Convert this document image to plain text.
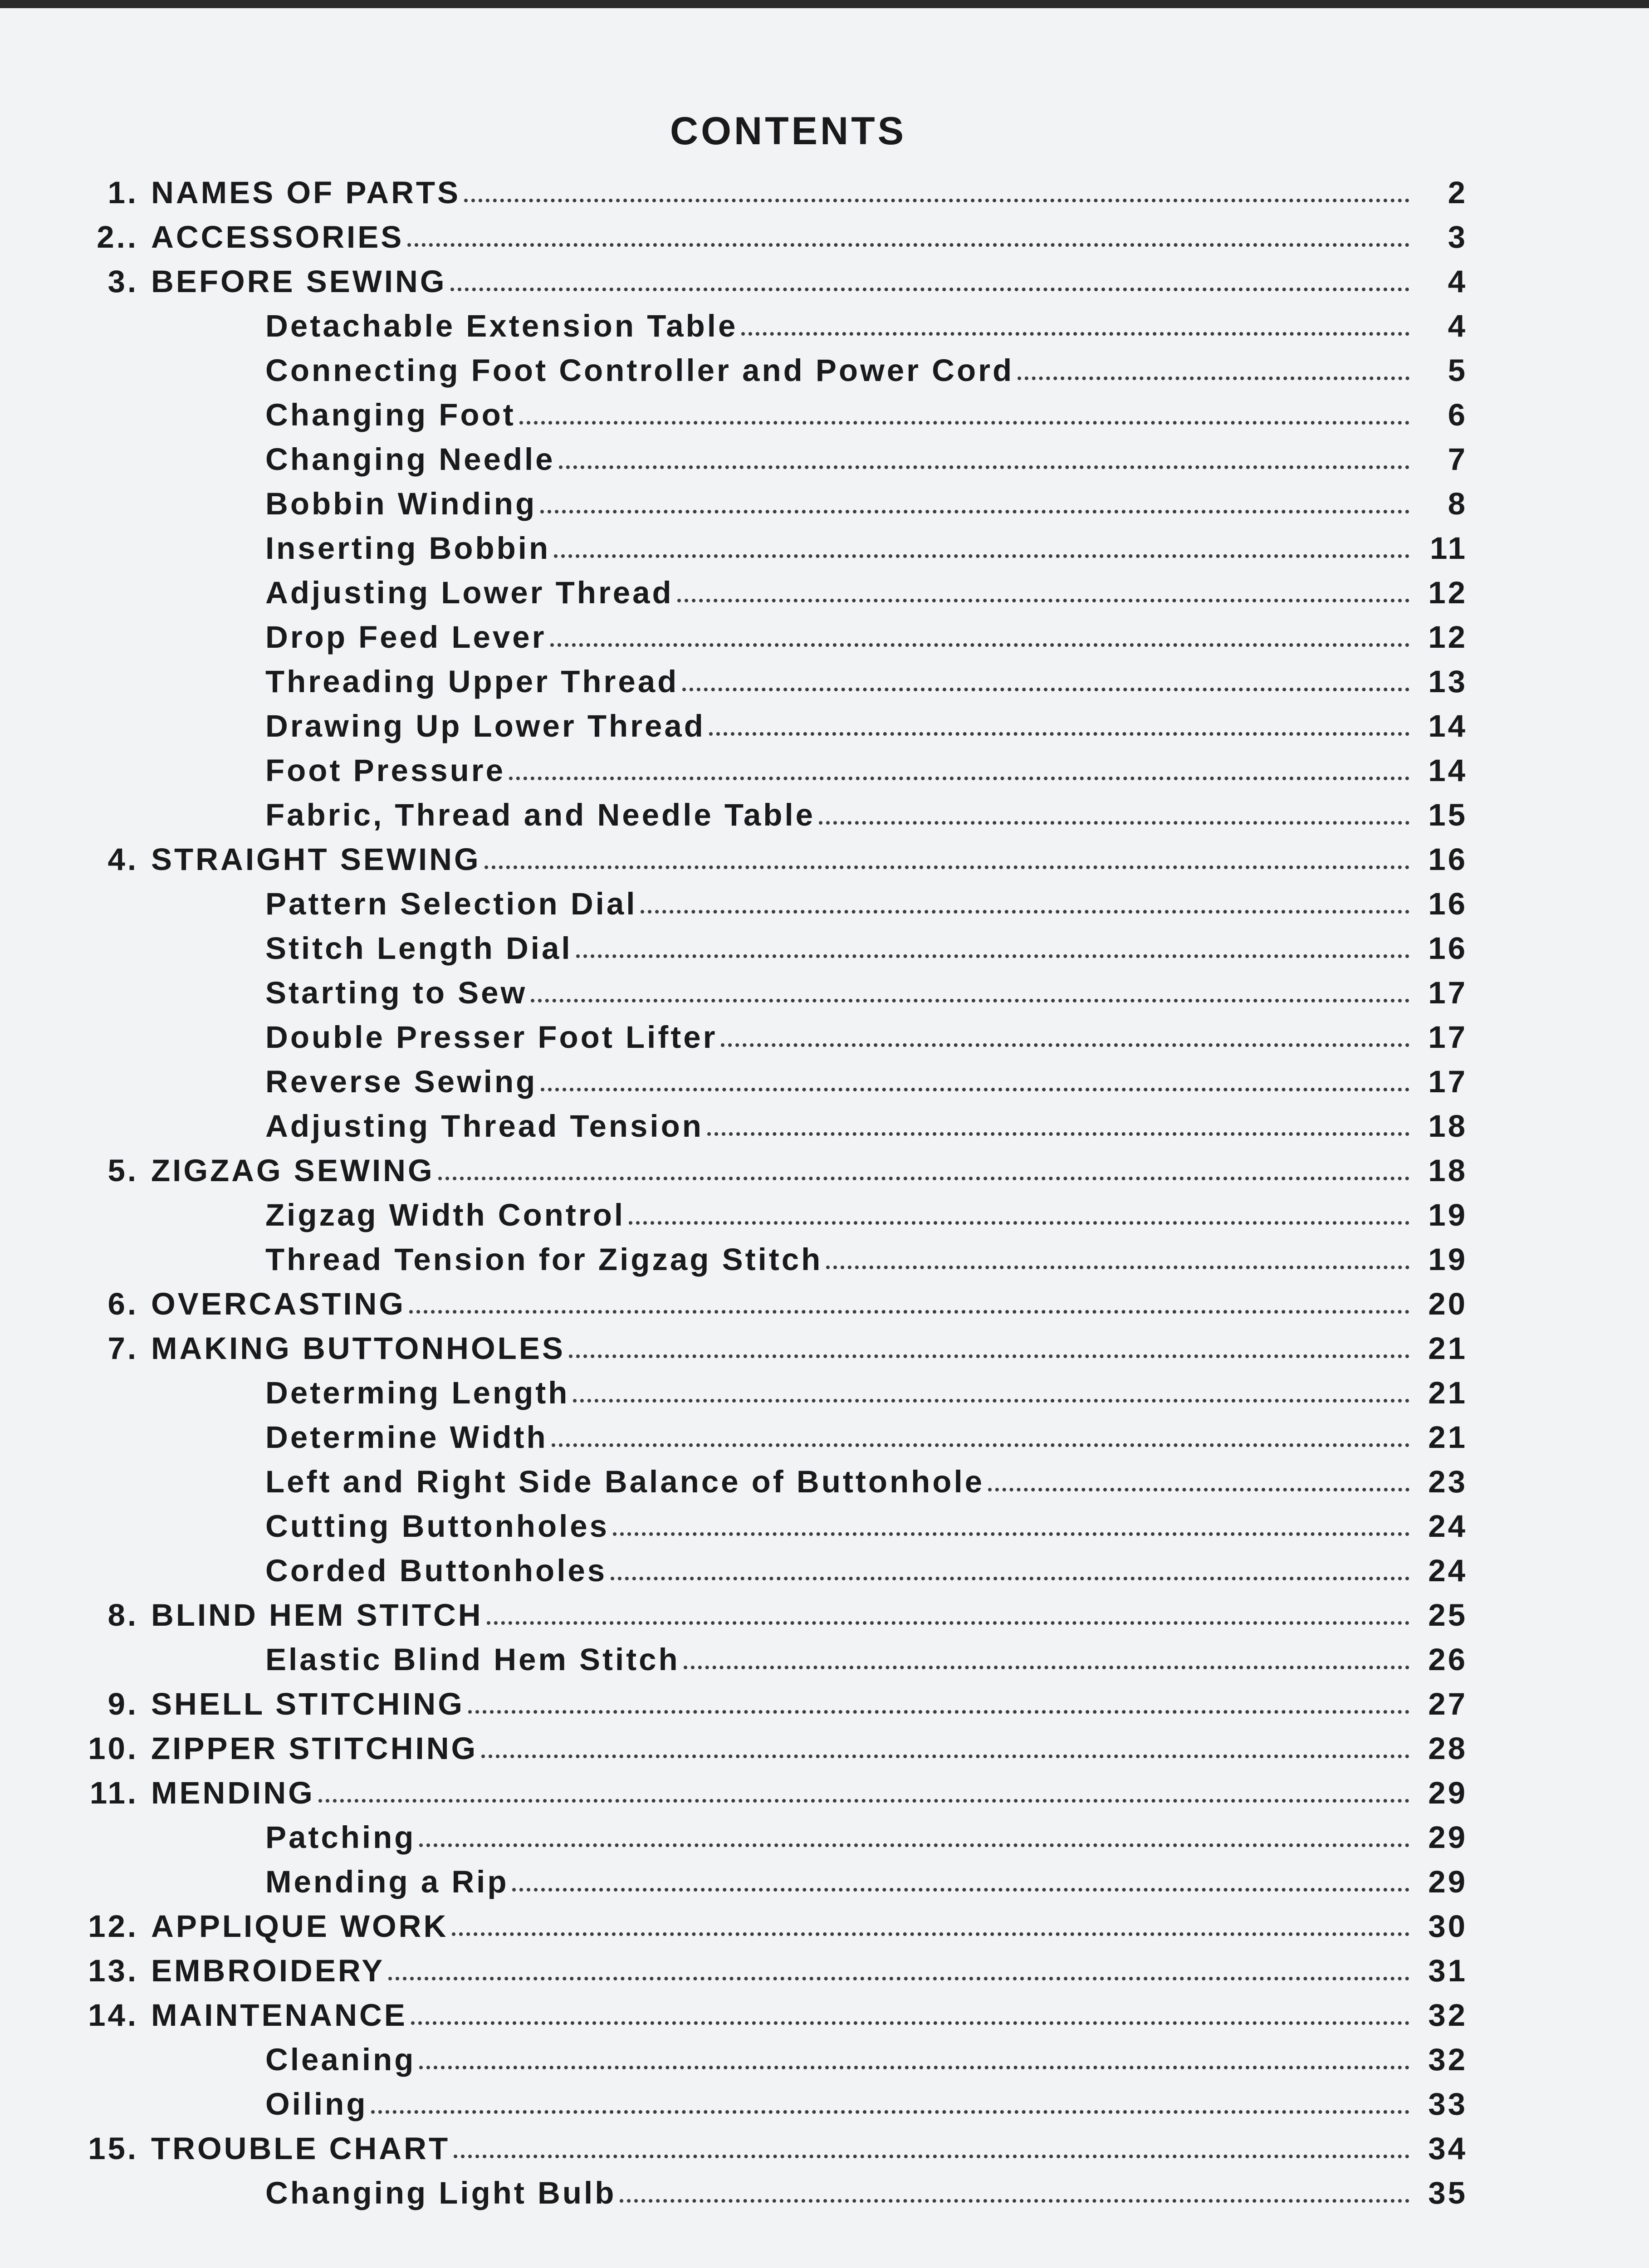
CONTENTS
1. NAMES OF PARTS	2
2.. ACCESSORIES	3
3. BEFORE SEWING	4
Detachable Extension Table	4
Connecting Foot Controller and Power Cord	5
Changing Foot	6
Changing Needle	7
Bobbin Winding	8
Inserting Bobbin	11
Adjusting Lower Thread	12
Drop Feed Lever	12
Threading Upper Thread	13
Drawing Up Lower Thread	14
Foot Pressure	14
Fabric, Thread and Needle Table	15
4. STRAIGHT SEWING	16
Pattern Selection Dial	16
Stitch Length Dial	16
Starting to Sew	17
Double Presser Foot Lifter	17
Reverse Sewing	17
Adjusting Thread Tension	18
5. ZIGZAG SEWING	18
Zigzag Width Control	19
Thread Tension for Zigzag Stitch	19
6. OVERCASTING	20
7. MAKING BUTTONHOLES	21
Determing Length	21
Determine Width	21
Left and Right Side Balance of Buttonhole	23
Cutting Buttonholes	24
Corded Buttonholes	24
8. BLIND HEM STITCH	25
Elastic Blind Hem Stitch	26
9. SHELL STITCHING	27
10. ZIPPER STITCHING	28
11. MENDING	29
Patching	29
Mending a Rip	29
12. APPLIQUE WORK	30
13. EMBROIDERY	31
14. MAINTENANCE	32
Cleaning	32
Oiling	33
15. TROUBLE CHART	34
Changing Light Bulb	35
